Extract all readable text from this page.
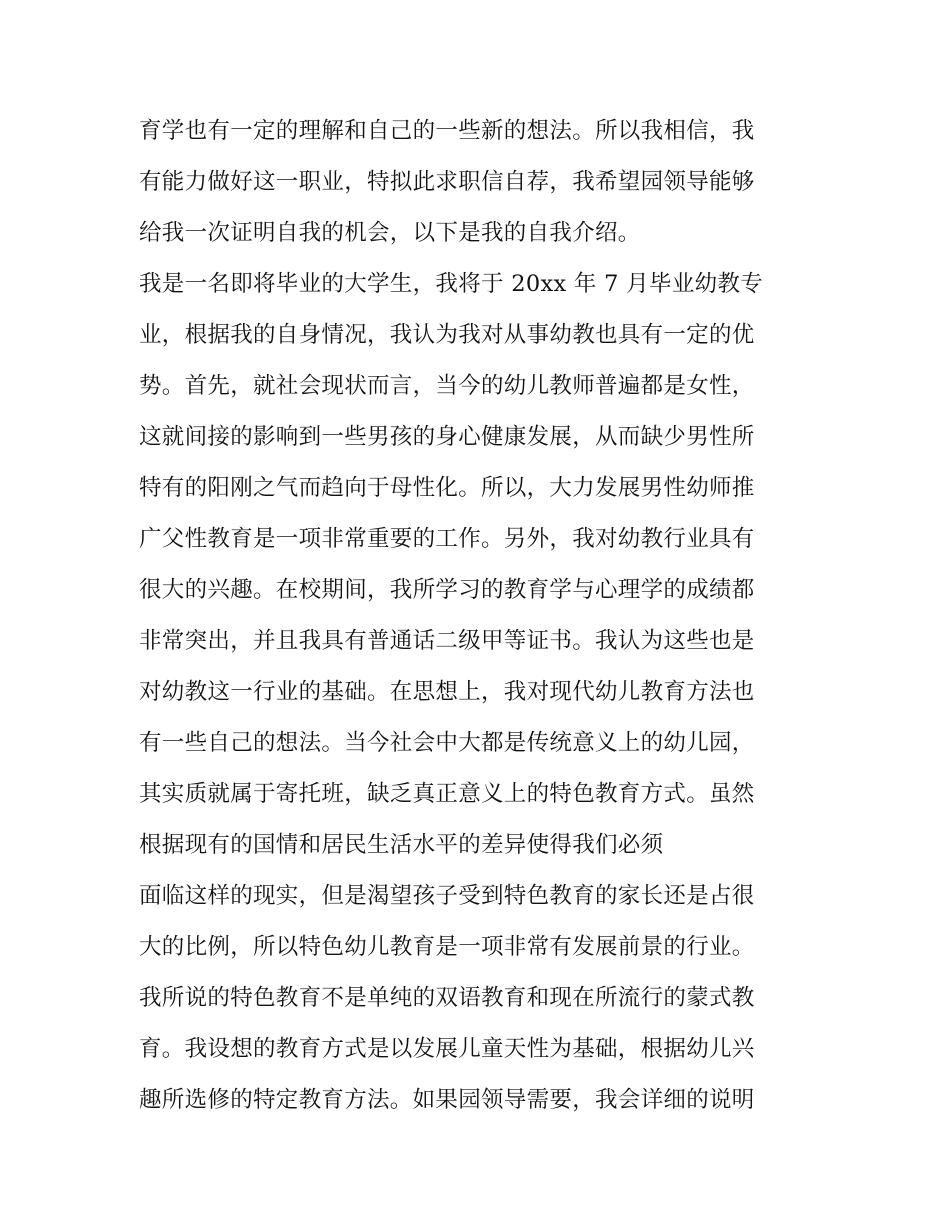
育学也有一定的理解和自己的一些新的想法。所以我相信，我
有能力做好这一职业，特拟此求职信自荐，我希望园领导能够
给我一次证明自我的机会，以下是我的自我介绍。
我是一名即将毕业的大学生，我将于 20xx 年 7 月毕业幼教专
业，根据我的自身情况，我认为我对从事幼教也具有一定的优
势。首先，就社会现状而言，当今的幼儿教师普遍都是女性，
这就间接的影响到一些男孩的身心健康发展，从而缺少男性所
特有的阳刚之气而趋向于母性化。所以，大力发展男性幼师推
广父性教育是一项非常重要的工作。另外，我对幼教行业具有
很大的兴趣。在校期间，我所学习的教育学与心理学的成绩都
非常突出，并且我具有普通话二级甲等证书。我认为这些也是
对幼教这一行业的基础。在思想上，我对现代幼儿教育方法也
有一些自己的想法。当今社会中大都是传统意义上的幼儿园，
其实质就属于寄托班，缺乏真正意义上的特色教育方式。虽然
根据现有的国情和居民生活水平的差异使得我们必须
面临这样的现实，但是渴望孩子受到特色教育的家长还是占很
大的比例，所以特色幼儿教育是一项非常有发展前景的行业。
我所说的特色教育不是单纯的双语教育和现在所流行的蒙式教
育。我设想的教育方式是以发展儿童天性为基础，根据幼儿兴
趣所选修的特定教育方法。如果园领导需要，我会详细的说明
